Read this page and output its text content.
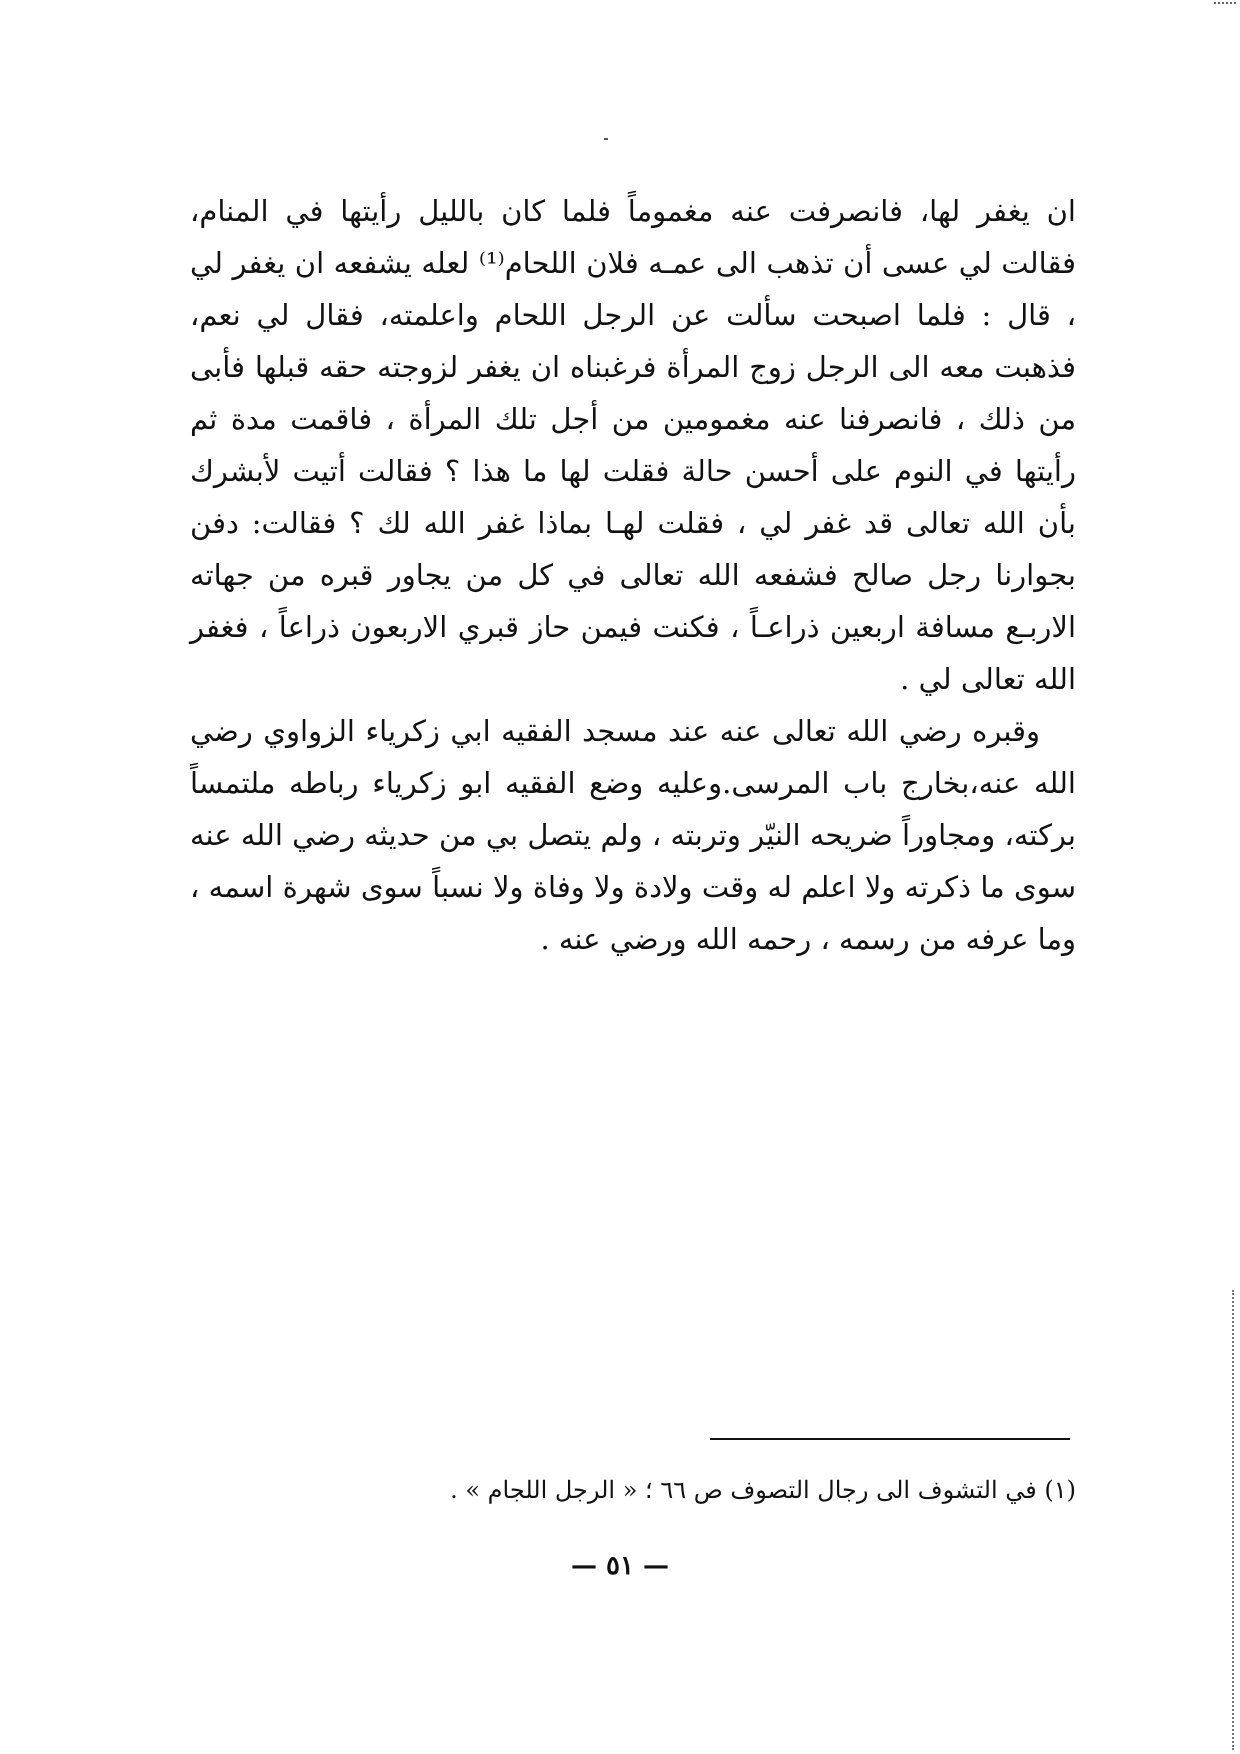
ان يغفر لها، فانصرفت عنه مغموماً فلما كان بالليل رأيتها في المنام، فقالت لي عسى أن تذهب الى عمـه فلان اللحام⁽¹⁾ لعله يشفعه ان يغفر لي ، قال : فلما اصبحت سألت عن الرجل اللحام واعلمته، فقال لي نعم، فذهبت معه الى الرجل زوج المرأة فرغبناه ان يغفر لزوجته حقه قبلها فأبى من ذلك ، فانصرفنا عنه مغمومين من أجل تلك المرأة ، فاقمت مدة ثم رأيتها في النوم على أحسن حالة فقلت لها ما هذا ؟ فقالت أتيت لأبشرك بأن الله تعالى قد غفر لي ، فقلت لهـا بماذا غفر الله لك ؟ فقالت: دفن بجوارنا رجل صالح فشفعه الله تعالى في كل من يجاور قبره من جهاته الاربـع مسافة اربعين ذراعـاً ، فكنت فيمن حاز قبري الاربعون ذراعاً ، فغفر الله تعالى لي .

وقبره رضي الله تعالى عنه عند مسجد الفقيه ابي زكرياء الزواوي رضي الله عنه،بخارج باب المرسى.وعليه وضع الفقيه ابو زكرياء رباطه ملتمساً بركته، ومجاوراً ضريحه النيّر وتربته ، ولم يتصل بي من حديثه رضي الله عنه سوى ما ذكرته ولا اعلم له وقت ولادة ولا وفاة ولا نسباً سوى شهرة اسمه ، وما عرفه من رسمه ، رحمه الله ورضي عنه .

(١) في التشوف الى رجال التصوف ص ٦٦ ؛ « الرجل اللجام » .

— ٥١ —
